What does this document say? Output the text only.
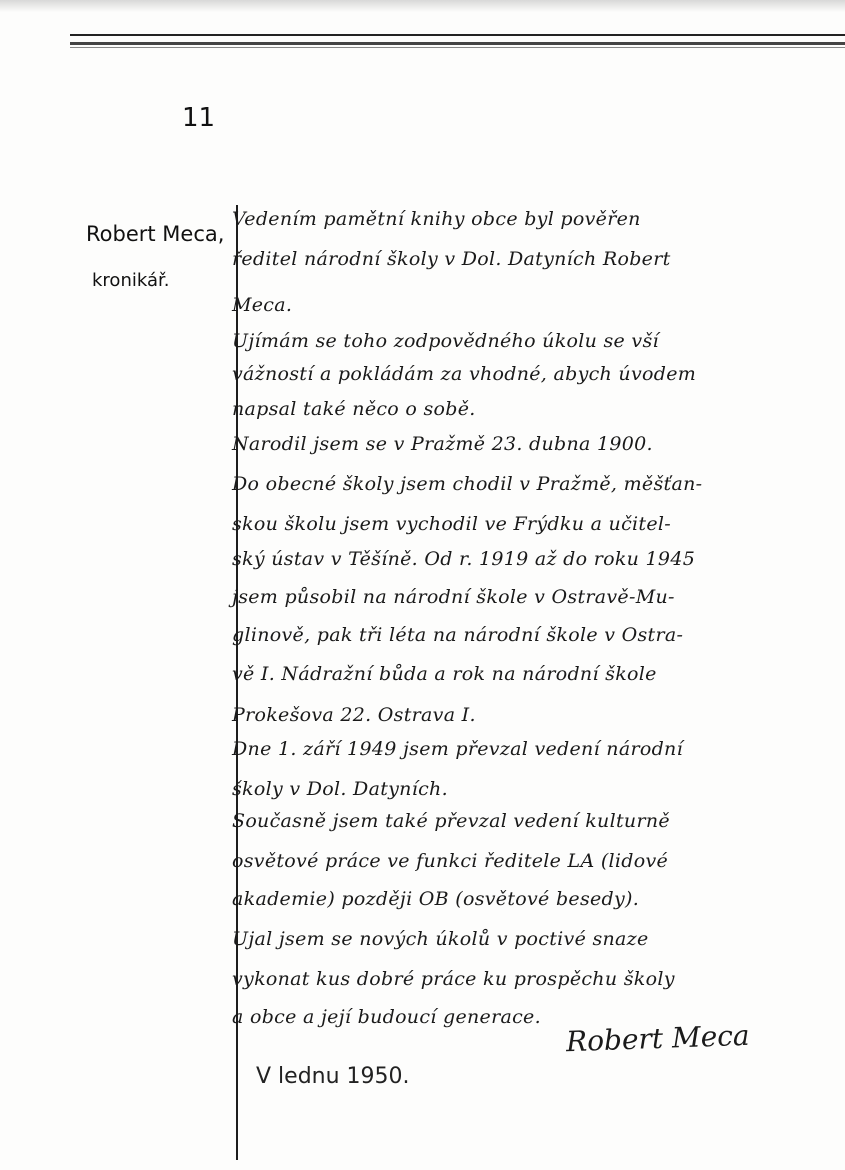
11
Robert Meca,
kronikář.
Vedením pamětní knihy obce byl pověřen
ředitel národní školy v Dol. Datyních Robert
Meca.
Ujímám se toho zodpovědného úkolu se vší
vážností a pokládám za vhodné, abych úvodem
napsal také něco o sobě.
Narodil jsem se v Pražmě 23. dubna 1900.
Do obecné školy jsem chodil v Pražmě, měšťan-
skou školu jsem vychodil ve Frýdku a učitel-
ský ústav v Těšíně. Od r. 1919 až do roku 1945
jsem působil na národní škole v Ostravě-Mu-
glinově, pak tři léta na národní škole v Ostra-
vě I. Nádražní bůda a rok na národní škole
Prokešova 22. Ostrava I.
Dne 1. září 1949 jsem převzal vedení národní
školy v Dol. Datyních.
Současně jsem také převzal vedení kulturně
osvětové práce ve funkci ředitele LA (lidové
akademie) později OB (osvětové besedy).
Ujal jsem se nových úkolů v poctivé snaze
vykonat kus dobré práce ku prospěchu školy
a obce a její budoucí generace.
Robert Meca
V lednu 1950.
